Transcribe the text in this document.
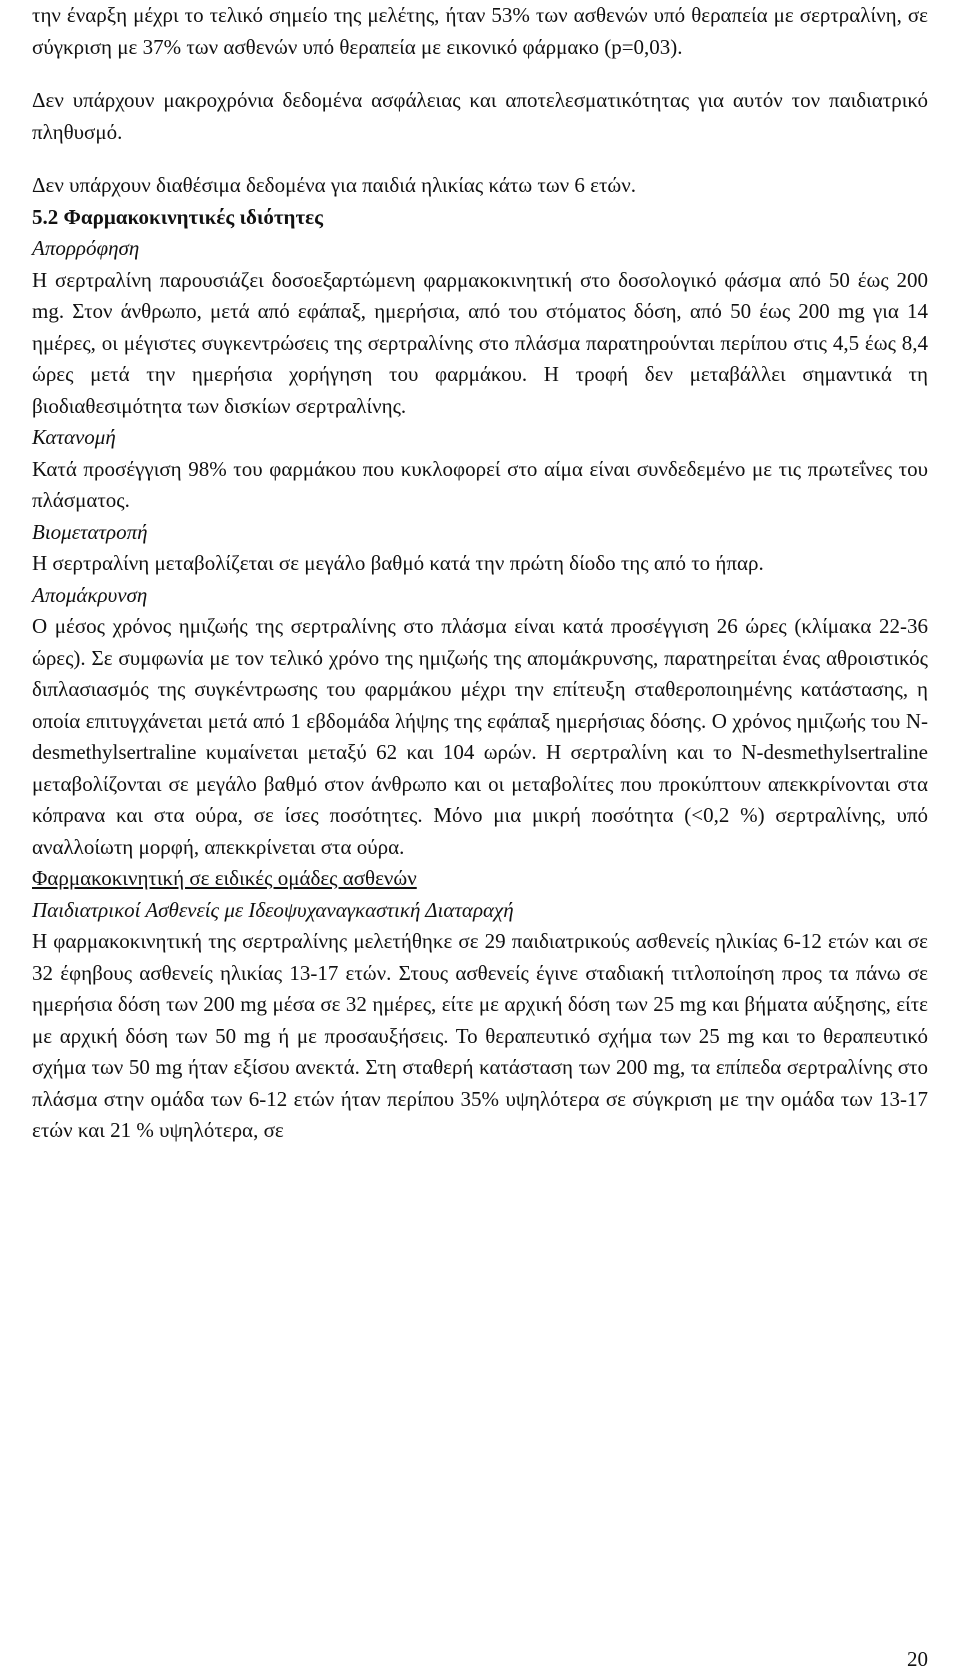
την έναρξη μέχρι το τελικό σημείο της μελέτης, ήταν 53% των ασθενών υπό θεραπεία με σερτραλίνη, σε σύγκριση με 37% των ασθενών υπό θεραπεία με εικονικό φάρμακο (p=0,03).

Δεν υπάρχουν μακροχρόνια δεδομένα ασφάλειας και αποτελεσματικότητας για αυτόν τον παιδιατρικό πληθυσμό.

Δεν υπάρχουν διαθέσιμα δεδομένα για παιδιά ηλικίας κάτω των 6 ετών.

5.2 Φαρμακοκινητικές ιδιότητες

Απορρόφηση

Η σερτραλίνη παρουσιάζει δοσοεξαρτώμενη φαρμακοκινητική στο δοσολογικό φάσμα από 50 έως 200 mg. Στον άνθρωπο, μετά από εφάπαξ, ημερήσια, από του στόματος δόση, από 50 έως 200 mg για 14 ημέρες, οι μέγιστες συγκεντρώσεις της σερτραλίνης στο πλάσμα παρατηρούνται περίπου στις 4,5 έως 8,4 ώρες μετά την ημερήσια χορήγηση του φαρμάκου. Η τροφή δεν μεταβάλλει σημαντικά τη βιοδιαθεσιμότητα των δισκίων σερτραλίνης.

Κατανομή

Κατά προσέγγιση 98% του φαρμάκου που κυκλοφορεί στο αίμα είναι συνδεδεμένο με τις πρωτεΐνες του πλάσματος.

Βιομετατροπή

Η σερτραλίνη μεταβολίζεται σε μεγάλο βαθμό κατά την πρώτη δίοδο της από το ήπαρ.

Απομάκρυνση

Ο μέσος χρόνος ημιζωής της σερτραλίνης στο πλάσμα είναι κατά προσέγγιση 26 ώρες (κλίμακα 22-36 ώρες). Σε συμφωνία με τον τελικό χρόνο της ημιζωής της απομάκρυνσης, παρατηρείται ένας αθροιστικός διπλασιασμός της συγκέντρωσης του φαρμάκου μέχρι την επίτευξη σταθεροποιημένης κατάστασης, η οποία επιτυγχάνεται μετά από 1 εβδομάδα λήψης της εφάπαξ ημερήσιας δόσης. Ο χρόνος ημιζωής του N-desmethylsertraline κυμαίνεται μεταξύ 62 και 104 ωρών. Η σερτραλίνη και το N-desmethylsertraline μεταβολίζονται σε μεγάλο βαθμό στον άνθρωπο και οι μεταβολίτες που προκύπτουν απεκκρίνονται στα κόπρανα και στα ούρα, σε ίσες ποσότητες. Μόνο μια μικρή ποσότητα (<0,2 %) σερτραλίνης, υπό αναλλοίωτη μορφή, απεκκρίνεται στα ούρα.

Φαρμακοκινητική σε ειδικές ομάδες ασθενών

Παιδιατρικοί Ασθενείς με Ιδεοψυχαναγκαστική Διαταραχή

Η φαρμακοκινητική της σερτραλίνης μελετήθηκε σε 29 παιδιατρικούς ασθενείς ηλικίας 6-12 ετών και σε 32 έφηβους ασθενείς ηλικίας 13-17 ετών. Στους ασθενείς έγινε σταδιακή τιτλοποίηση προς τα πάνω σε ημερήσια δόση των 200 mg μέσα σε 32 ημέρες, είτε με αρχική δόση των 25 mg και βήματα αύξησης, είτε με αρχική δόση των 50 mg ή με προσαυξήσεις. Το θεραπευτικό σχήμα των 25 mg και το θεραπευτικό σχήμα των 50 mg ήταν εξίσου ανεκτά. Στη σταθερή κατάσταση των 200 mg, τα επίπεδα σερτραλίνης στο πλάσμα στην ομάδα των 6-12 ετών ήταν περίπου 35% υψηλότερα σε σύγκριση με την ομάδα των 13-17 ετών και 21 % υψηλότερα, σε

20
